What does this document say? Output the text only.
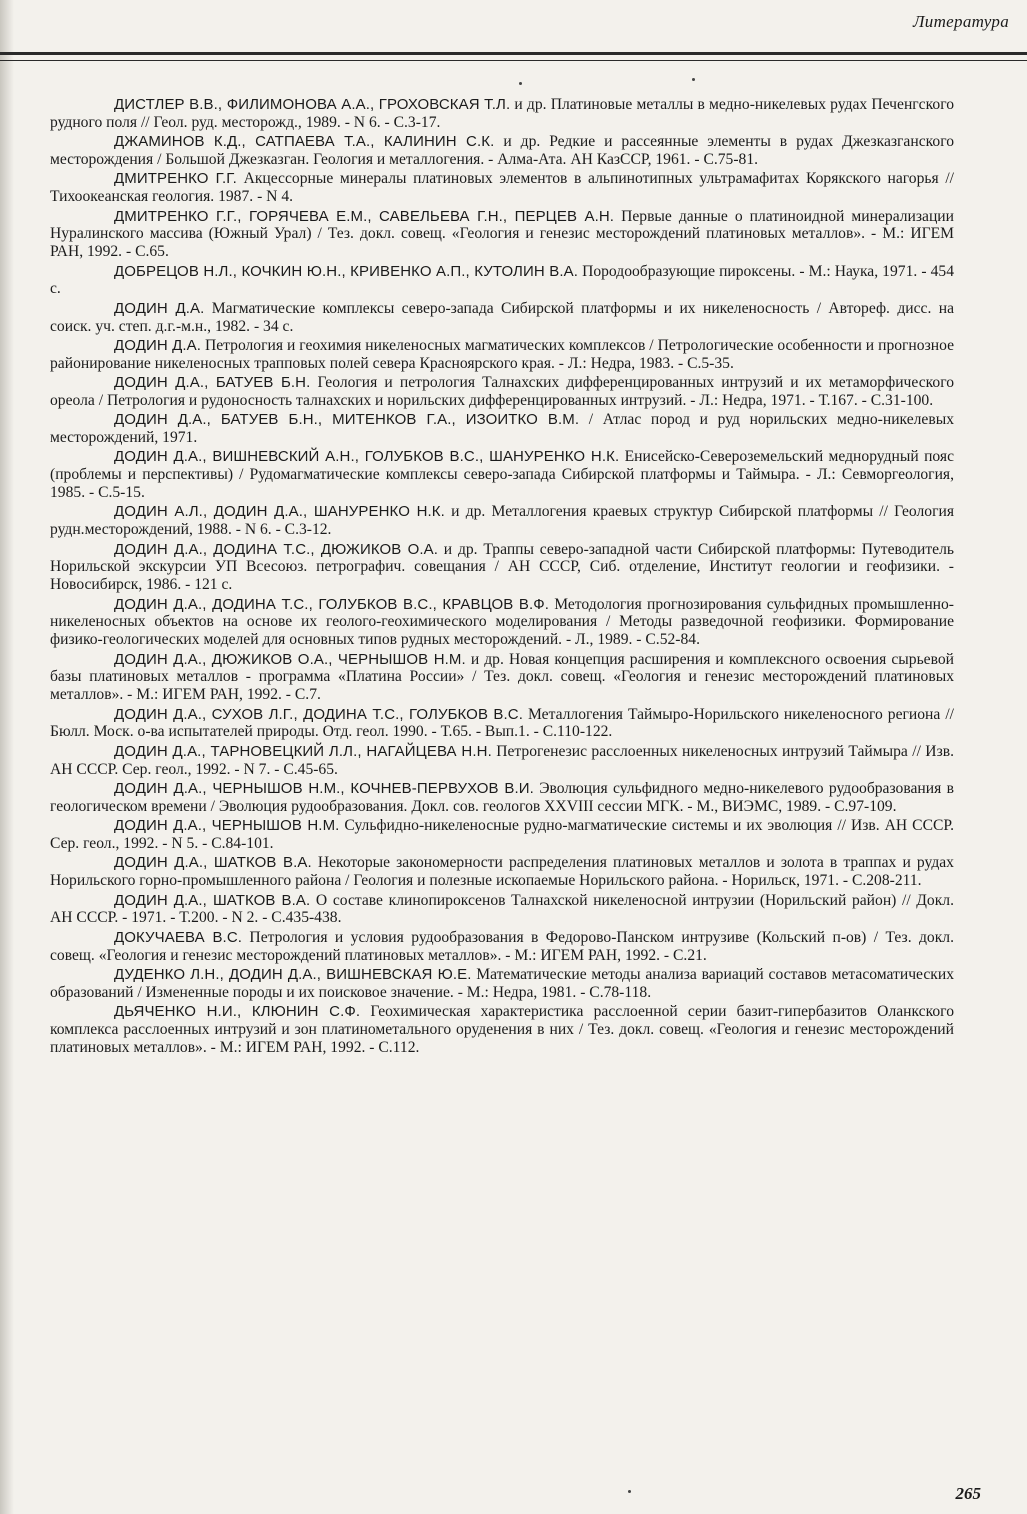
Литература

ДИСТЛЕР В.В., ФИЛИМОНОВА А.А., ГРОХОВСКАЯ Т.Л. и др. Платиновые металлы в медно-никелевых рудах Печенгского рудного поля // Геол. руд. месторожд., 1989. - N 6. - С.3-17.

ДЖАМИНОВ К.Д., САТПАЕВА Т.А., КАЛИНИН С.К. и др. Редкие и рассеянные элементы в рудах Джезказганского месторождения / Большой Джезказган. Геология и металлогения. - Алма-Ата. АН КазССР, 1961. - С.75-81.

ДМИТРЕНКО Г.Г. Акцессорные минералы платиновых элементов в альпинотипных ультрамафитах Корякского нагорья // Тихоокеанская геология. 1987. - N 4.

ДМИТРЕНКО Г.Г., ГОРЯЧЕВА Е.М., САВЕЛЬЕВА Г.Н., ПЕРЦЕВ А.Н. Первые данные о платиноидной минерализации Нуралинского массива (Южный Урал) / Тез. докл. совещ. «Геология и генезис месторождений платиновых металлов». - М.: ИГЕМ РАН, 1992. - С.65.

ДОБРЕЦОВ Н.Л., КОЧКИН Ю.Н., КРИВЕНКО А.П., КУТОЛИН В.А. Породообразующие пироксены. - М.: Наука, 1971. - 454 с.

ДОДИН Д.А. Магматические комплексы северо-запада Сибирской платформы и их никеленосность / Автореф. дисс. на соиск. уч. степ. д.г.-м.н., 1982. - 34 с.

ДОДИН Д.А. Петрология и геохимия никеленосных магматических комплексов / Петрологические особенности и прогнозное районирование никеленосных трапповых полей севера Красноярского края. - Л.: Недра, 1983. - С.5-35.

ДОДИН Д.А., БАТУЕВ Б.Н. Геология и петрология Талнахских дифференцированных интрузий и их метаморфического ореола / Петрология и рудоносность талнахских и норильских дифференцированных интрузий. - Л.: Недра, 1971. - Т.167. - С.31-100.

ДОДИН Д.А., БАТУЕВ Б.Н., МИТЕНКОВ Г.А., ИЗОИТКО В.М. / Атлас пород и руд норильских медно-никелевых месторождений, 1971.

ДОДИН Д.А., ВИШНЕВСКИЙ А.Н., ГОЛУБКОВ В.С., ШАНУРЕНКО Н.К. Енисейско-Североземельский меднорудный пояс (проблемы и перспективы) / Рудомагматические комплексы северо-запада Сибирской платформы и Таймыра. - Л.: Севморгеология, 1985. - С.5-15.

ДОДИН А.Л., ДОДИН Д.А., ШАНУРЕНКО Н.К. и др. Металлогения краевых структур Сибирской платформы // Геология рудн.месторождений, 1988. - N 6. - С.3-12.

ДОДИН Д.А., ДОДИНА Т.С., ДЮЖИКОВ О.А. и др. Траппы северо-западной части Сибирской платформы: Путеводитель Норильской экскурсии УП Всесоюз. петрографич. совещания / АН СССР, Сиб. отделение, Институт геологии и геофизики. - Новосибирск, 1986. - 121 с.

ДОДИН Д.А., ДОДИНА Т.С., ГОЛУБКОВ В.С., КРАВЦОВ В.Ф. Методология прогнозирования сульфидных промышленно-никеленосных объектов на основе их геолого-геохимического моделирования / Методы разведочной геофизики. Формирование физико-геологических моделей для основных типов рудных месторождений. - Л., 1989. - С.52-84.

ДОДИН Д.А., ДЮЖИКОВ О.А., ЧЕРНЫШОВ Н.М. и др. Новая концепция расширения и комплексного освоения сырьевой базы платиновых металлов - программа «Платина России» / Тез. докл. совещ. «Геология и генезис месторождений платиновых металлов». - М.: ИГЕМ РАН, 1992. - С.7.

ДОДИН Д.А., СУХОВ Л.Г., ДОДИНА Т.С., ГОЛУБКОВ В.С. Металлогения Таймыро-Норильского никеленосного региона // Бюлл. Моск. о-ва испытателей природы. Отд. геол. 1990. - Т.65. - Вып.1. - С.110-122.

ДОДИН Д.А., ТАРНОВЕЦКИЙ Л.Л., НАГАЙЦЕВА Н.Н. Петрогенезис расслоенных никеленосных интрузий Таймыра // Изв. АН СССР. Сер. геол., 1992. - N 7. - С.45-65.

ДОДИН Д.А., ЧЕРНЫШОВ Н.М., КОЧНЕВ-ПЕРВУХОВ В.И. Эволюция сульфидного медно-никелевого рудообразования в геологическом времени / Эволюция рудообразования. Докл. сов. геологов XXVIII сессии МГК. - М., ВИЭМС, 1989. - С.97-109.

ДОДИН Д.А., ЧЕРНЫШОВ Н.М. Сульфидно-никеленосные рудно-магматические системы и их эволюция // Изв. АН СССР. Сер. геол., 1992. - N 5. - С.84-101.

ДОДИН Д.А., ШАТКОВ В.А. Некоторые закономерности распределения платиновых металлов и золота в траппах и рудах Норильского горно-промышленного района / Геология и полезные ископаемые Норильского района. - Норильск, 1971. - С.208-211.

ДОДИН Д.А., ШАТКОВ В.А. О составе клинопироксенов Талнахской никеленосной интрузии (Норильский район) // Докл. АН СССР. - 1971. - Т.200. - N 2. - С.435-438.

ДОКУЧАЕВА В.С. Петрология и условия рудообразования в Федорово-Панском интрузиве (Кольский п-ов) / Тез. докл. совещ. «Геология и генезис месторождений платиновых металлов». - М.: ИГЕМ РАН, 1992. - С.21.

ДУДЕНКО Л.Н., ДОДИН Д.А., ВИШНЕВСКАЯ Ю.Е. Математические методы анализа вариаций составов метасоматических образований / Измененные породы и их поисковое значение. - М.: Недра, 1981. - С.78-118.

ДЬЯЧЕНКО Н.И., КЛЮНИН С.Ф. Геохимическая характеристика расслоенной серии базит-гипербазитов Оланкского комплекса расслоенных интрузий и зон платинометального оруденения в них / Тез. докл. совещ. «Геология и генезис месторождений платиновых металлов». - М.: ИГЕМ РАН, 1992. - С.112.

265
